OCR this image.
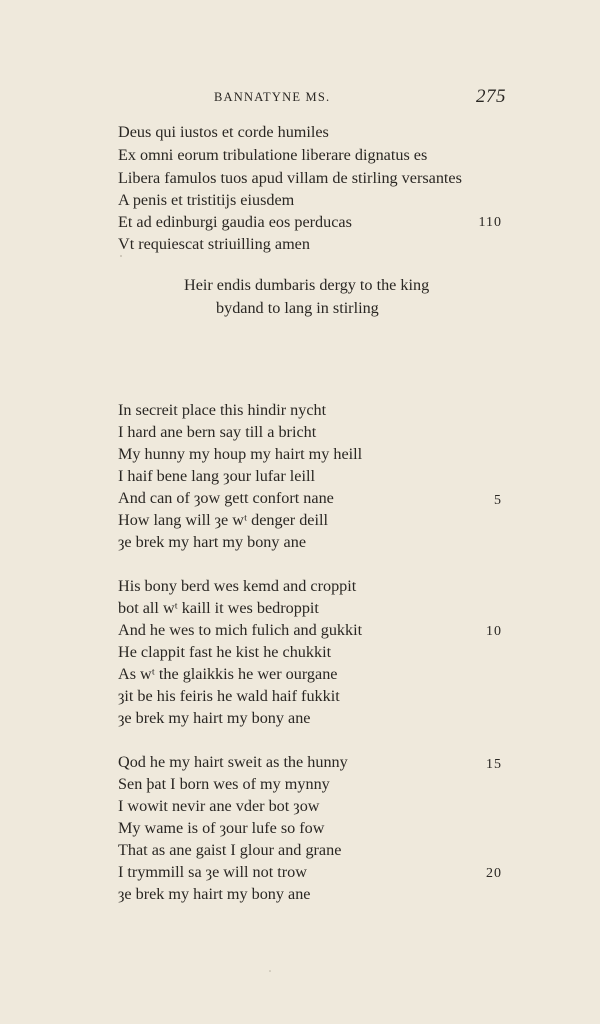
BANNATYNE MS.	275
Deus qui iustos et corde humiles
Ex omni eorum tribulatione liberare dignatus es
Libera famulos tuos apud villam de stirling versantes
A penis et tristitijs eiusdem
Et ad edinburgi gaudia eos perducas	110
Vt requiescat striuilling amen
Heir endis dumbaris dergy to the king
bydand to lang in stirling
In secreit place this hindir nycht
I hard ane bern say till a bricht
My hunny my houp my hairt my heill
I haif bene lang ȝour lufar leill
And can of ȝow gett confort nane	5
How lang will ȝe wᵗ denger deill
ȝe brek my hart my bony ane
His bony berd wes kemd and croppit
bot all wᵗ kaill it wes bedroppit
And he wes to mich fulich and gukkit	10
He clappit fast he kist he chukkit
As wᵗ the glaikkis he wer ourgane
ȝit be his feiris he wald haif fukkit
ȝe brek my hairt my bony ane
Qod he my hairt sweit as the hunny	15
Sen þat I born wes of my mynny
I wowit nevir ane vder bot ȝow
My wame is of ȝour lufe so fow
That as ane gaist I glour and grane
I trymmill sa ȝe will not trow	20
ȝe brek my hairt my bony ane
